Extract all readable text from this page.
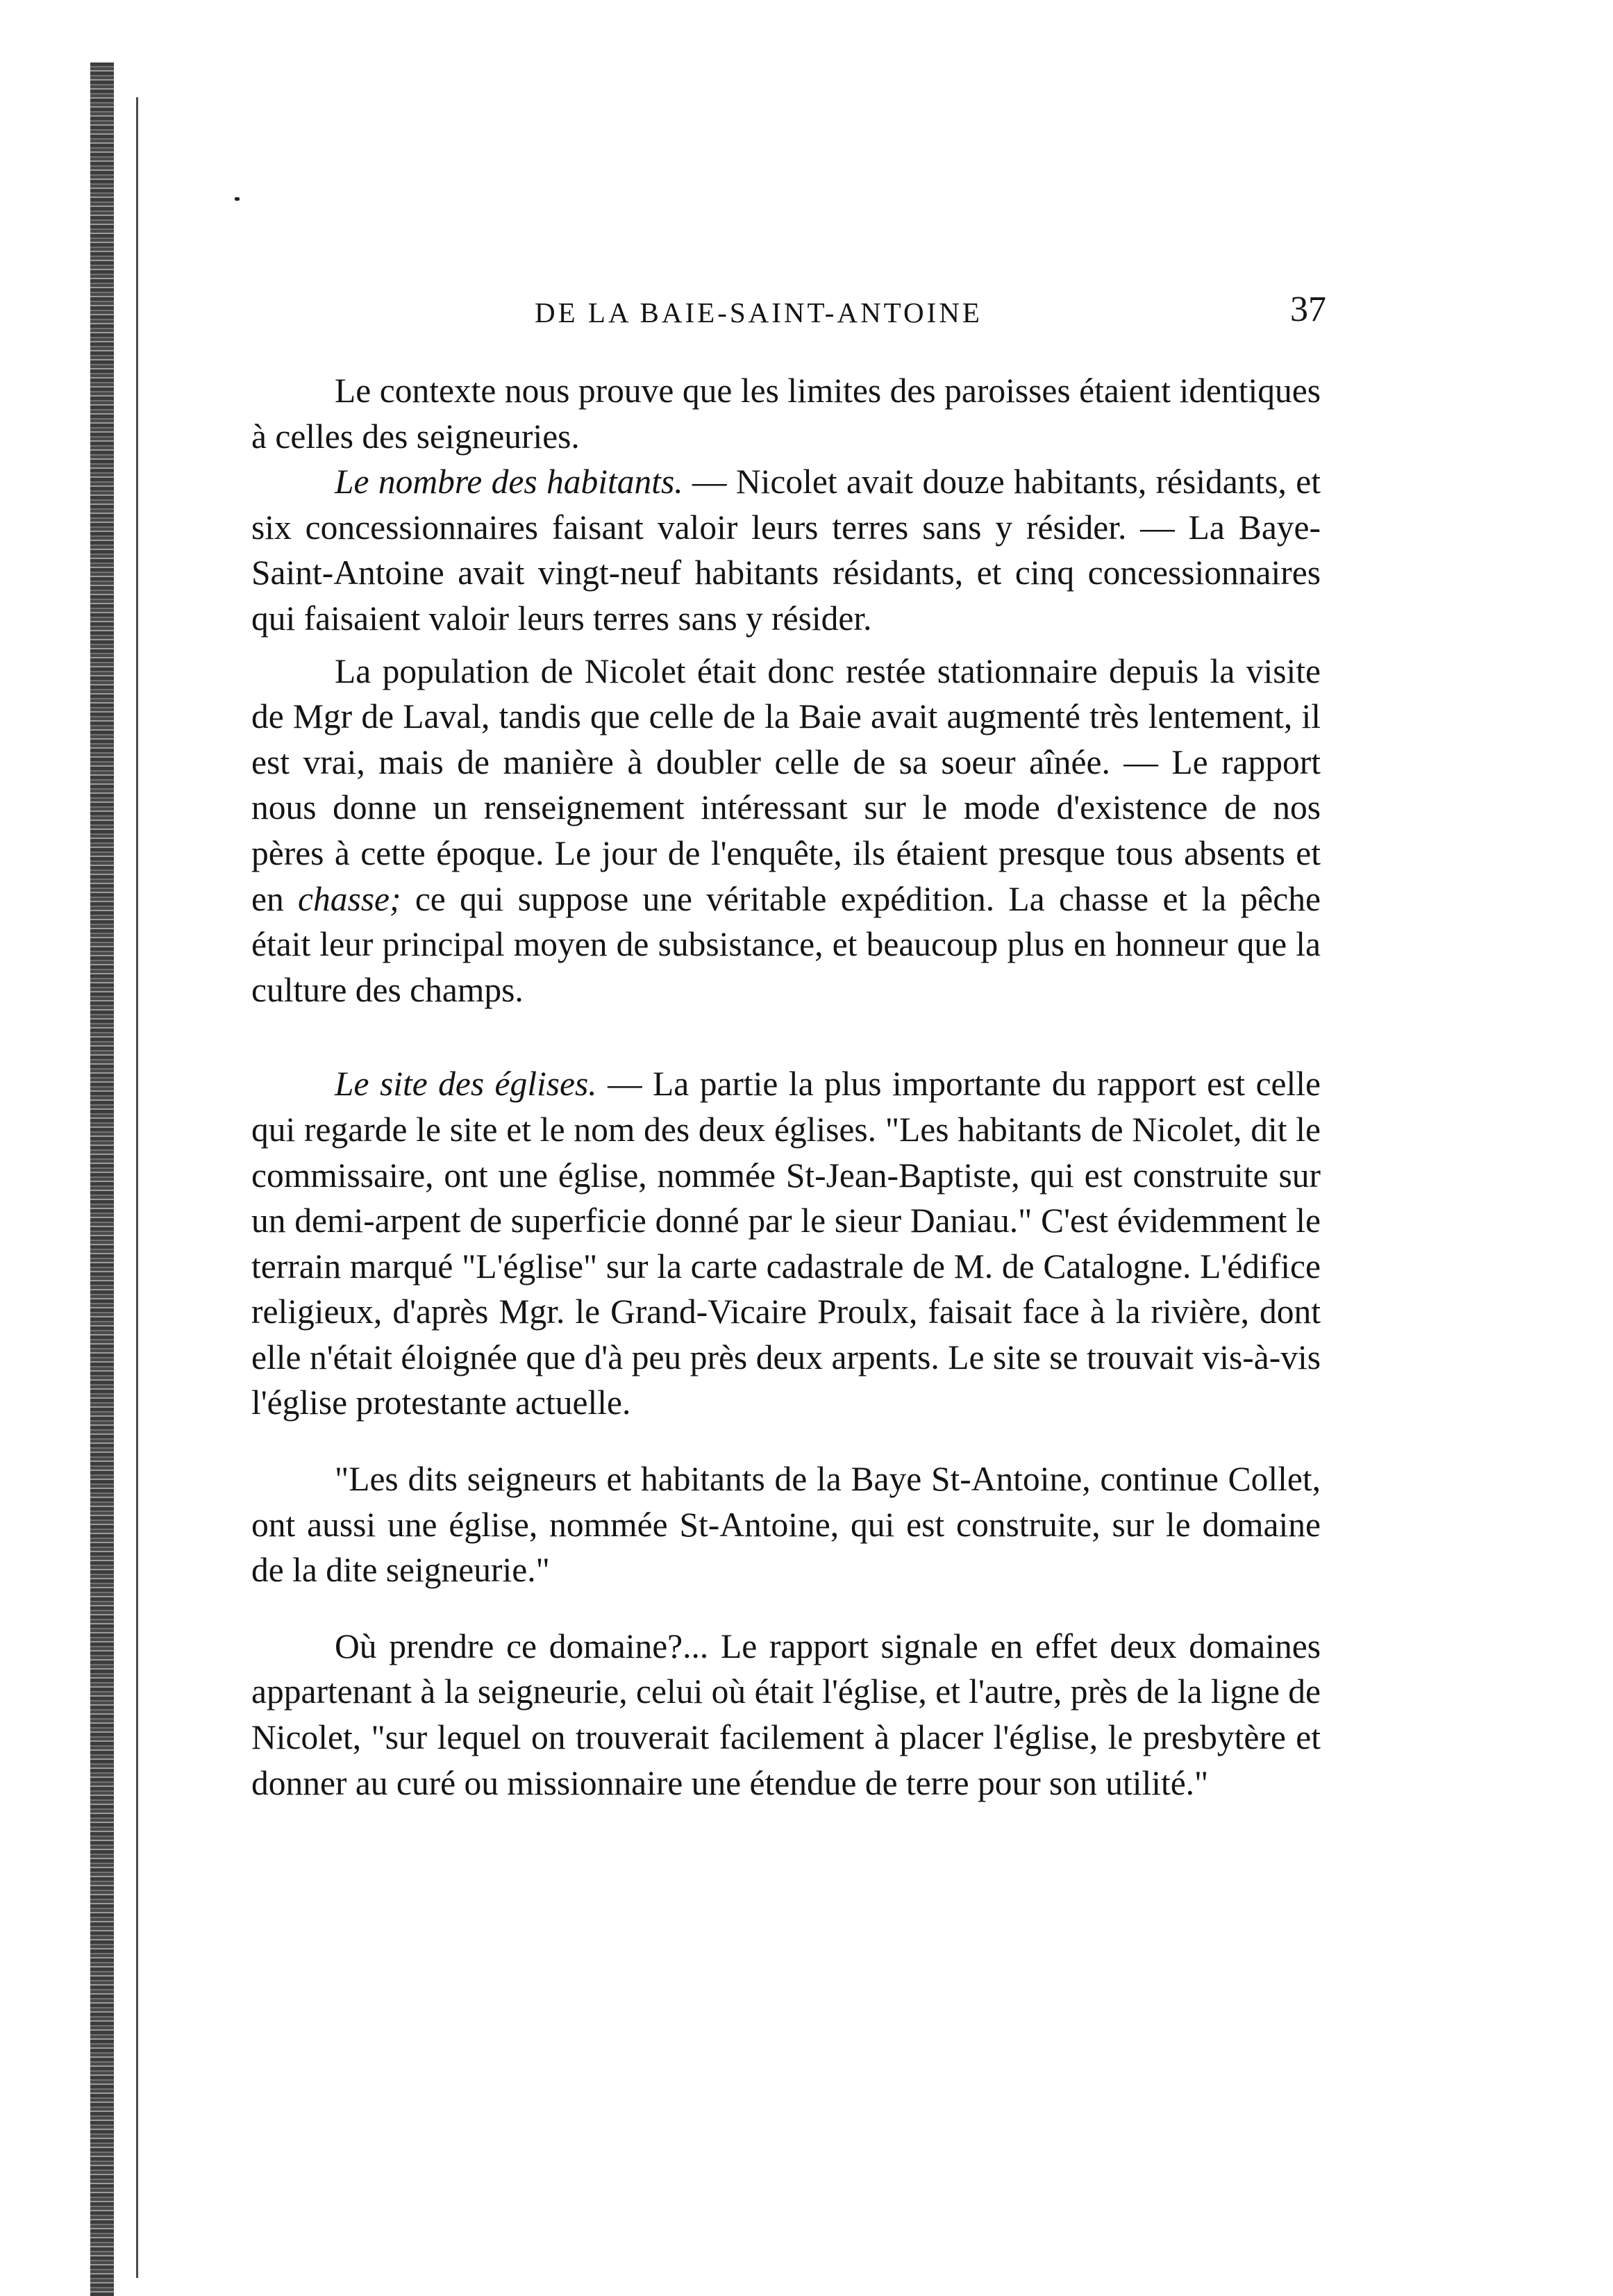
DE LA BAIE-SAINT-ANTOINE	37

Le contexte nous prouve que les limites des paroisses étaient identiques à celles des seigneuries.

Le nombre des habitants. — Nicolet avait douze habitants, résidants, et six concessionnaires faisant valoir leurs terres sans y résider. — La Baye-Saint-Antoine avait vingt-neuf habitants résidants, et cinq concessionnaires qui faisaient valoir leurs terres sans y résider.

La population de Nicolet était donc restée stationnaire depuis la visite de Mgr de Laval, tandis que celle de la Baie avait augmenté très lentement, il est vrai, mais de manière à doubler celle de sa soeur aînée. — Le rapport nous donne un renseignement intéressant sur le mode d'existence de nos pères à cette époque. Le jour de l'enquête, ils étaient presque tous absents et en chasse; ce qui suppose une véritable expédition. La chasse et la pêche était leur principal moyen de subsistance, et beaucoup plus en honneur que la culture des champs.

Le site des églises. — La partie la plus importante du rapport est celle qui regarde le site et le nom des deux églises. "Les habitants de Nicolet, dit le commissaire, ont une église, nommée St-Jean-Baptiste, qui est construite sur un demi-arpent de superficie donné par le sieur Daniau." C'est évidemment le terrain marqué "L'église" sur la carte cadastrale de M. de Catalogne. L'édifice religieux, d'après Mgr. le Grand-Vicaire Proulx, faisait face à la rivière, dont elle n'était éloignée que d'à peu près deux arpents. Le site se trouvait vis-à-vis l'église protestante actuelle.

"Les dits seigneurs et habitants de la Baye St-Antoine, continue Collet, ont aussi une église, nommée St-Antoine, qui est construite, sur le domaine de la dite seigneurie."

Où prendre ce domaine?... Le rapport signale en effet deux domaines appartenant à la seigneurie, celui où était l'église, et l'autre, près de la ligne de Nicolet, "sur lequel on trouverait facilement à placer l'église, le presbytère et donner au curé ou missionnaire une étendue de terre pour son utilité."
